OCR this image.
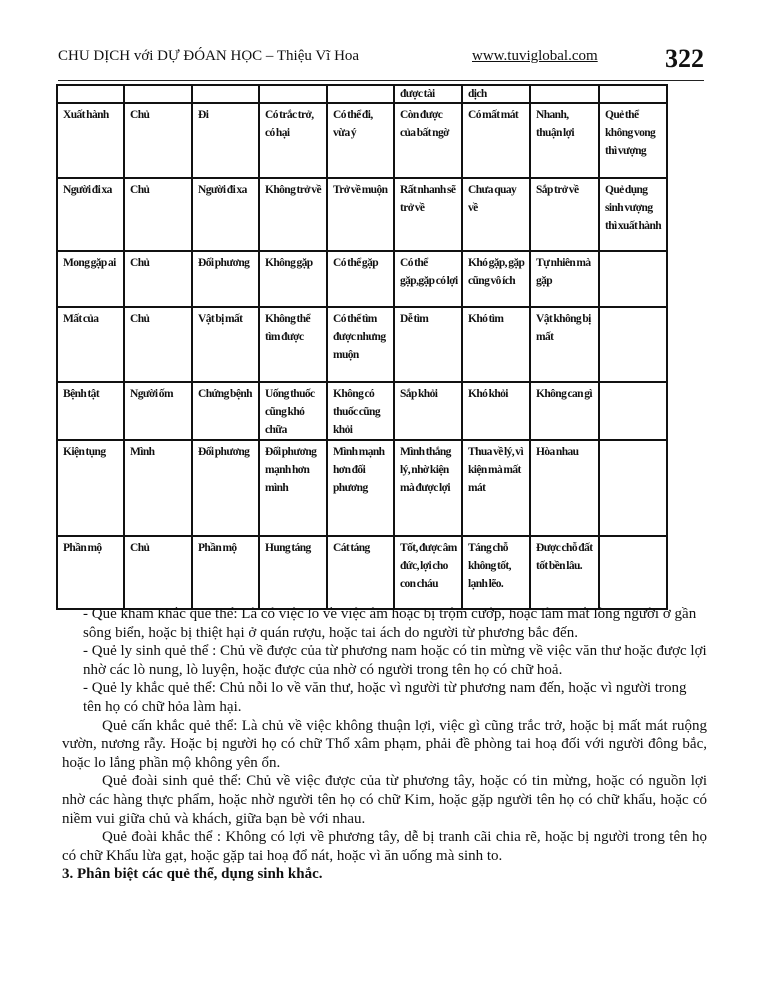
CHU DỊCH với DỰ ĐÓAN HỌC – Thiệu Vĩ Hoa	www.tuviglobal.com	322
					được tài	dịch		
Xuất hành	Chủ	Đi	Có trắc trở, có hại	Có thể đi, vừa ý	Còn được của bất ngờ	Có mất mát	Nhanh, thuận lợi	Quẻ thể không vong thì vượng
Người đi xa	Chủ	Người đi xa	Không trở về	Trở về muộn	Rất nhanh sẽ trở về	Chưa quay về	Sắp trở về	Quẻ dụng sinh vượng thì xuất hành
Mong gặp ai	Chủ	Đối phương	Không gặp	Có thể gặp	Có thể gặp,gặp có lợi	Khó gặp, gặp cũng vô ích	Tự nhiên mà gặp	
Mất của	Chủ	Vật bị mất	Không thể tìm được	Có thể tìm được nhưng muộn	Dễ tìm	Khó tìm	Vật không bị mất	
Bệnh tật	Người ốm	Chứng bệnh	Uống thuốc cũng khó chữa	Không có thuốc cũng khỏi	Sắp khỏi	Khó khỏi	Không can gì	
Kiện tụng	Mình	Đối phương	Đối phương mạnh hơn mình	Mình mạnh hơn đối phương	Mình thắng lý, nhờ kiện mà được lợi	Thua về lý, vì kiện mà mất mát	Hòa nhau	
Phần mộ	Chủ	Phần mộ	Hung táng	Cát táng	Tốt, được âm đức, lợi cho con cháu	Táng chỗ không tốt, lạnh lẽo.	Được chỗ đất tốt bền lâu.	

- Quẻ khảm khắc quẻ thể: Là có việc lo về việc âm hoặc bị trộm cướp, hoặc làm mất lòng người ở gần sông biển, hoặc bị thiệt hại ở quán rượu, hoặc tai ách do người từ phương bắc đến.

- Quẻ ly sinh quẻ thể : Chủ về được của từ phương nam hoặc có tin mừng về việc văn thư hoặc được lợi nhờ các lò nung, lò luyện, hoặc được của nhờ có người trong tên họ có chữ hoả.

- Quẻ ly khắc quẻ thể: Chủ nỗi lo về văn thư, hoặc vì người từ phương nam đến, hoặc vì người trong tên họ có chữ hỏa làm hại.

Quẻ cấn khắc quẻ thể: Là chủ về việc không thuận lợi, việc gì cũng trắc trở, hoặc bị mất mát ruộng vườn, nương rẫy. Hoặc bị người họ có chữ Thổ xâm phạm, phải đề phòng tai hoạ đối với người đông bắc, hoặc lo lắng phần mộ không yên ổn.

Quẻ đoài sinh quẻ thể: Chủ về việc được của từ phương tây, hoặc có tin mừng, hoặc có nguồn lợi nhờ các hàng thực phẩm, hoặc nhờ người tên họ có chữ Kim, hoặc gặp người tên họ có chữ khẩu, hoặc có niềm vui giữa chủ và khách, giữa bạn bè với nhau.

Quẻ đoài khắc thể : Không có lợi về phương tây, dễ bị tranh cãi chia rẽ, hoặc bị người trong tên họ có chữ Khẩu lừa gạt, hoặc gặp tai hoạ đổ nát, hoặc vì ăn uống mà sinh to.

3. Phân biệt các quẻ thể, dụng sinh khắc.
